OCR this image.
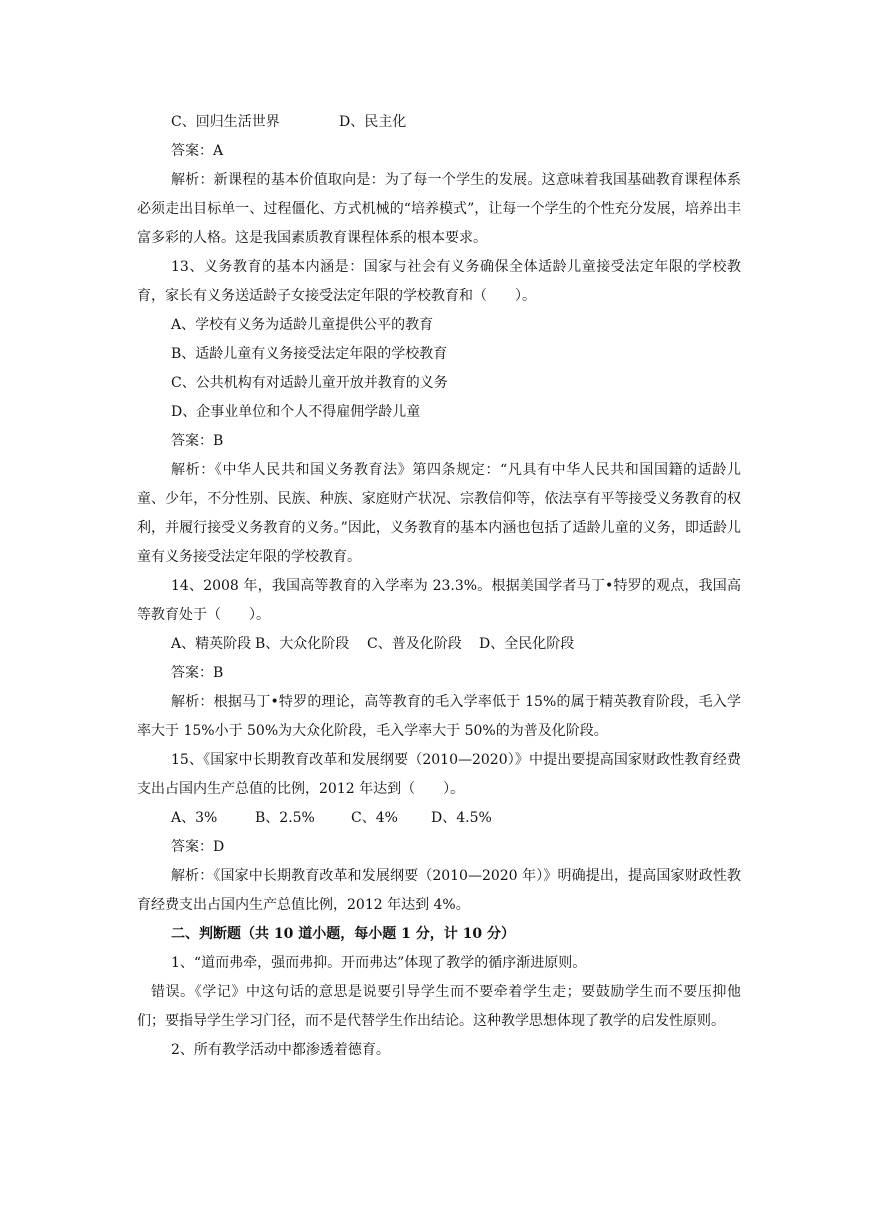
C、回归生活世界	D、民主化

答案：A

解析：新课程的基本价值取向是：为了每一个学生的发展。这意味着我国基础教育课程体系必须走出目标单一、过程僵化、方式机械的“培养模式”，让每一个学生的个性充分发展，培养出丰富多彩的人格。这是我国素质教育课程体系的根本要求。

13、义务教育的基本内涵是：国家与社会有义务确保全体适龄儿童接受法定年限的学校教育，家长有义务送适龄子女接受法定年限的学校教育和（　　）。

A、学校有义务为适龄儿童提供公平的教育

B、适龄儿童有义务接受法定年限的学校教育

C、公共机构有对适龄儿童开放并教育的义务

D、企事业单位和个人不得雇佣学龄儿童

答案：B

解析：《中华人民共和国义务教育法》第四条规定：“凡具有中华人民共和国国籍的适龄儿童、少年，不分性别、民族、种族、家庭财产状况、宗教信仰等，依法享有平等接受义务教育的权利，并履行接受义务教育的义务。”因此，义务教育的基本内涵也包括了适龄儿童的义务，即适龄儿童有义务接受法定年限的学校教育。

14、2008 年，我国高等教育的入学率为 23.3%。根据美国学者马丁•特罗的观点，我国高等教育处于（　　）。

A、精英阶段 B、大众化阶段 C、普及化阶段 D、全民化阶段

答案：B

解析：根据马丁•特罗的理论，高等教育的毛入学率低于 15%的属于精英教育阶段，毛入学率大于 15%小于 50%为大众化阶段，毛入学率大于 50%的为普及化阶段。

15、《国家中长期教育改革和发展纲要（2010—2020）》中提出要提高国家财政性教育经费支出占国内生产总值的比例，2012 年达到（　　）。

A、3%	B、2.5%	C、4% D、4.5%

答案：D

解析：《国家中长期教育改革和发展纲要（2010—2020 年）》明确提出，提高国家财政性教育经费支出占国内生产总值比例，2012 年达到 4%。

二、判断题（共 10 道小题，每小题 1 分，计 10 分）

1、“道而弗牵，强而弗抑。开而弗达”体现了教学的循序渐进原则。

错误。《学记》中这句话的意思是说要引导学生而不要牵着学生走；要鼓励学生而不要压抑他们；要指导学生学习门径，而不是代替学生作出结论。这种教学思想体现了教学的启发性原则。

2、所有教学活动中都渗透着德育。
